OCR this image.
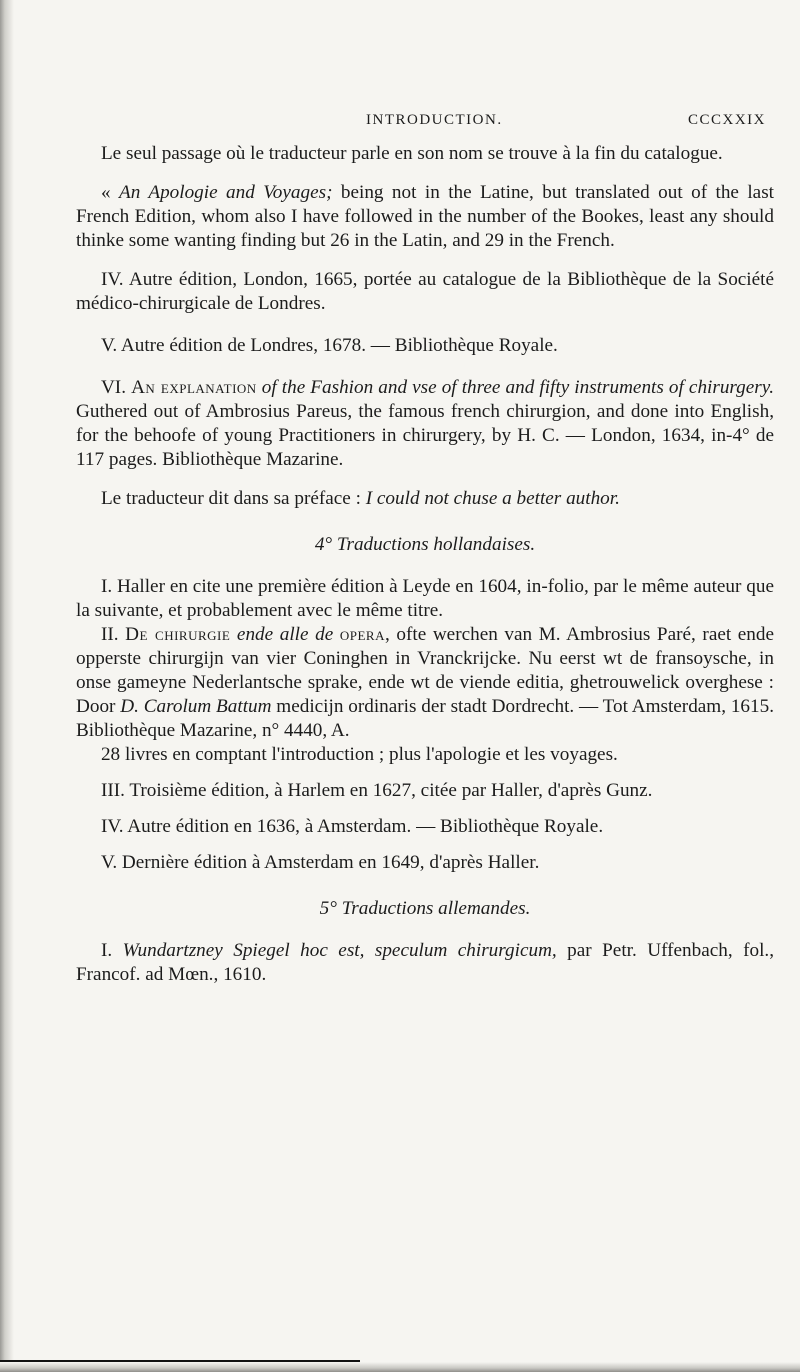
INTRODUCTION.	CCCXXIX

Le seul passage où le traducteur parle en son nom se trouve à la fin du catalogue.

« An Apologie and Voyages; being not in the Latine, but translated out of the last French Edition, whom also I have followed in the number of the Bookes, least any should thinke some wanting finding but 26 in the Latin, and 29 in the French.

IV. Autre édition, London, 1665, portée au catalogue de la Bibliothèque de la Société médico-chirurgicale de Londres.

V. Autre édition de Londres, 1678. — Bibliothèque Royale.

VI. An explanation of the Fashion and vse of three and fifty instruments of chirurgery. Guthered out of Ambrosius Pareus, the famous french chirurgion, and done into English, for the behoofe of young Practitioners in chirurgery, by H. C. — London, 1634, in-4° de 117 pages. Bibliothèque Mazarine.

Le traducteur dit dans sa préface : I could not chuse a better author.

4° Traductions hollandaises.

I. Haller en cite une première édition à Leyde en 1604, in-folio, par le même auteur que la suivante, et probablement avec le même titre.

II. De chirurgie ende alle de opera, ofte werchen van M. Ambrosius Paré, raet ende opperste chirurgijn van vier Coninghen in Vranckrijcke. Nu eerst wt de fransoysche, in onse gameyne Nederlantsche sprake, ende wt de viende editia, ghetrouwelick overghese : Door D. Carolum Battum medicijn ordinaris der stadt Dordrecht. — Tot Amsterdam, 1615. Bibliothèque Mazarine, n° 4440, A.

28 livres en comptant l'introduction ; plus l'apologie et les voyages.

III. Troisième édition, à Harlem en 1627, citée par Haller, d'après Gunz.

IV. Autre édition en 1636, à Amsterdam. — Bibliothèque Royale.

V. Dernière édition à Amsterdam en 1649, d'après Haller.

5° Traductions allemandes.

I. Wundartzney Spiegel hoc est, speculum chirurgicum, par Petr. Uffenbach, fol., Francof. ad Mœn., 1610.
